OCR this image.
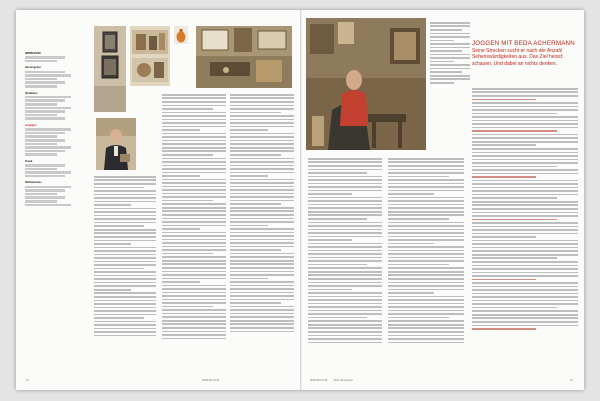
IMPRESSUM
Herausgeber
Redaktion
Anzeigen
Druck
Bildnachweis
34	APRIL/MAI 2018
JOGGEN MIT BEDA ACHERMANN
Seine Strecken sucht er nach der Anzahl Sehenswürdigkeiten aus. Das Ziel heisst: schauen. Und dabei an nichts denken.
APRIL/MAI 2018	RAD. Wendepunkt	35
